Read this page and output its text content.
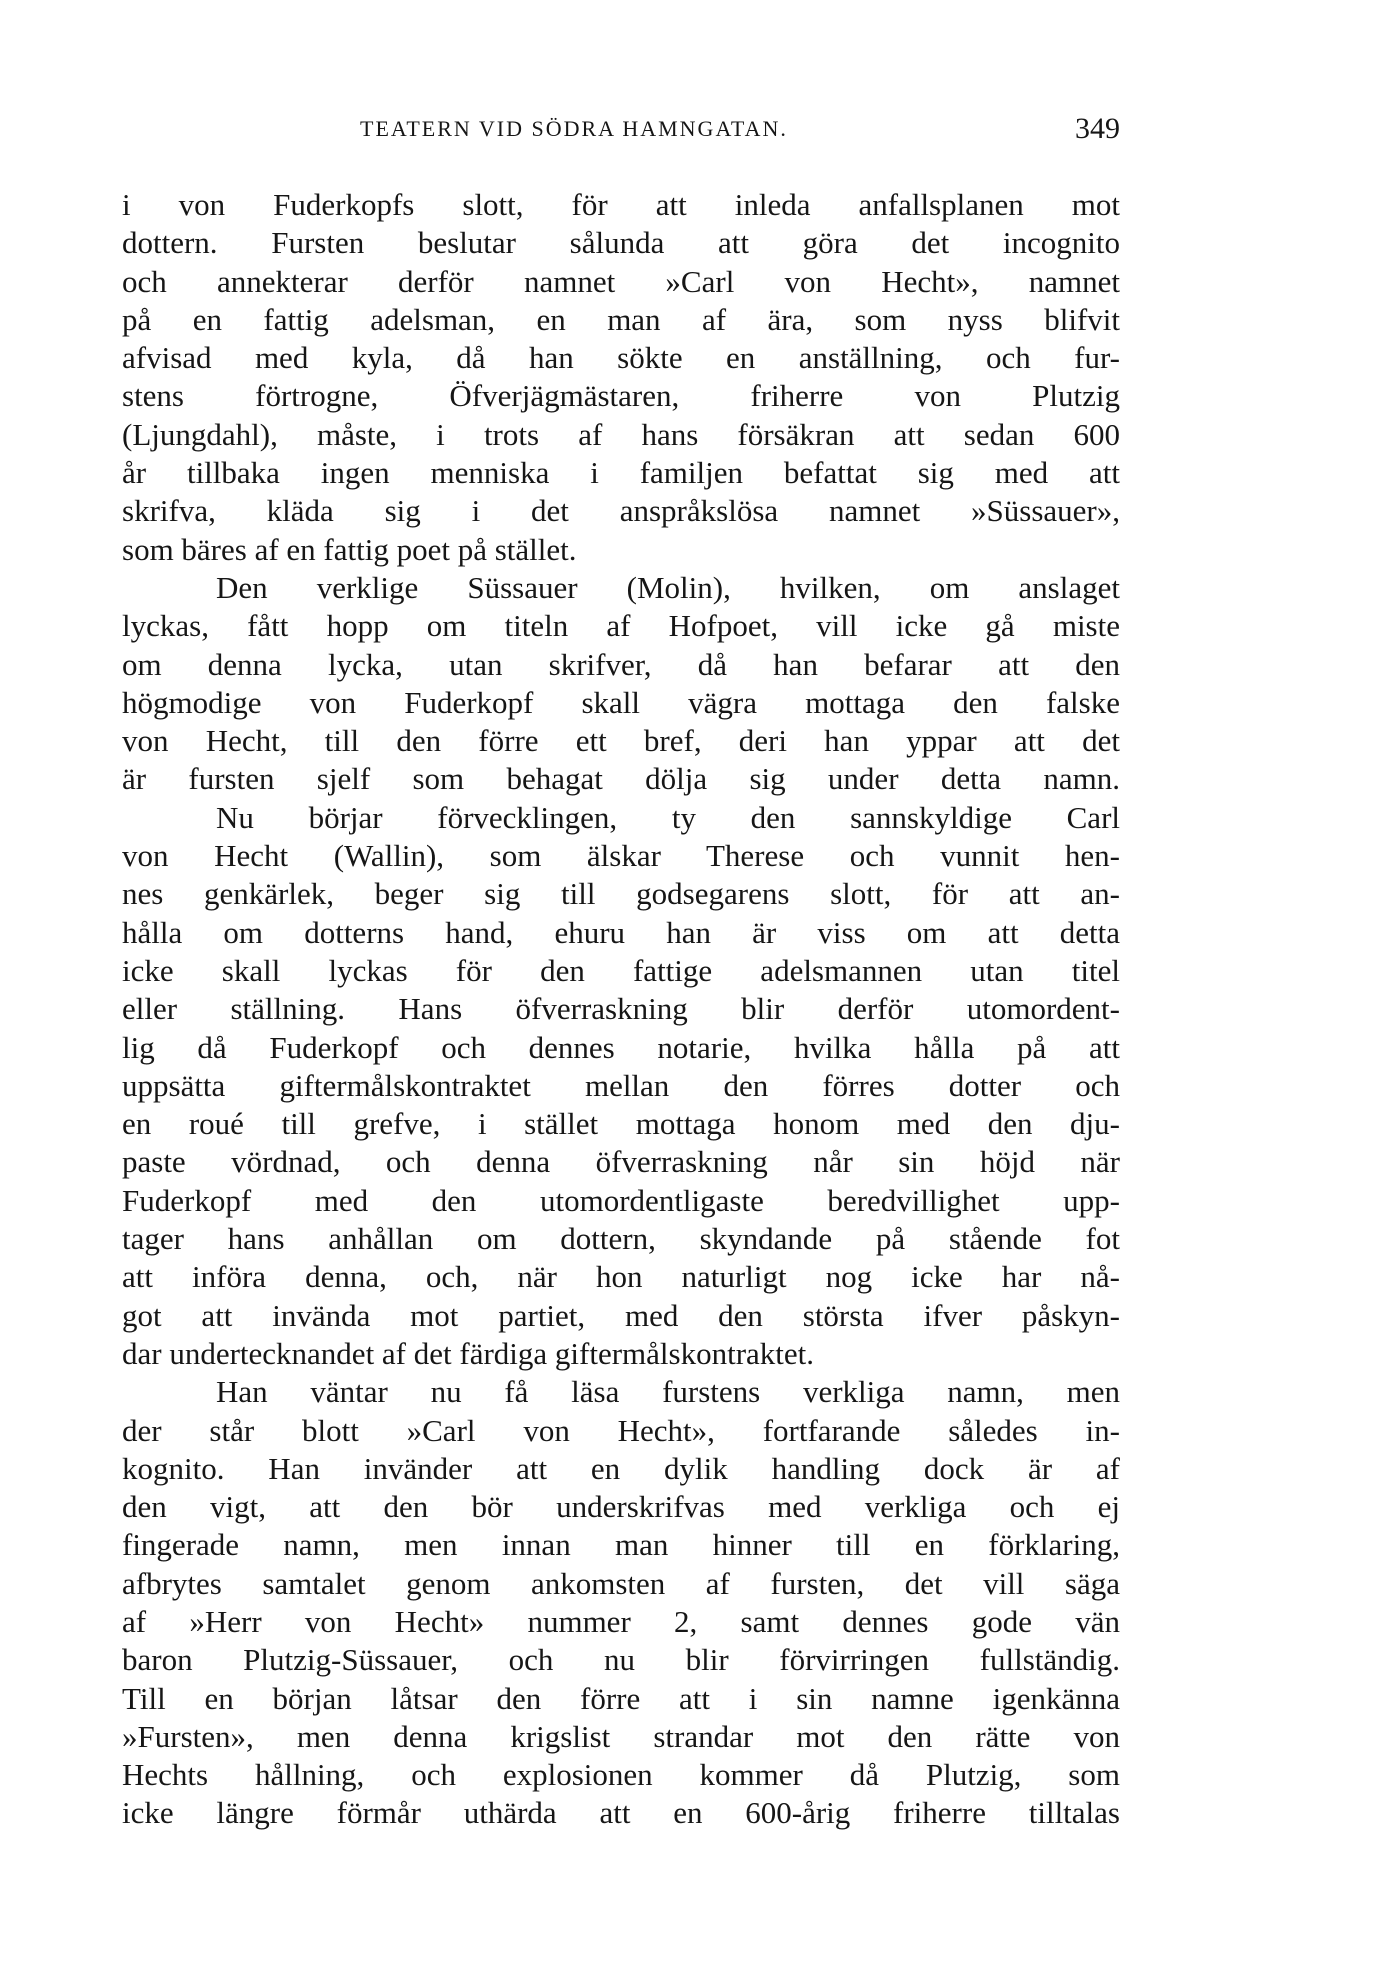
TEATERN VID SÖDRA HAMNGATAN.	349
i von Fuderkopfs slott, för att inleda anfallsplanen mot
dottern. Fursten beslutar sålunda att göra det incognito
och annekterar derför namnet »Carl von Hecht», namnet
på en fattig adelsman, en man af ära, som nyss blifvit
afvisad med kyla, då han sökte en anställning, och fur-
stens förtrogne, Öfverjägmästaren, friherre von Plutzig
(Ljungdahl), måste, i trots af hans försäkran att sedan 600
år tillbaka ingen menniska i familjen befattat sig med att
skrifva, kläda sig i det anspråkslösa namnet »Süssauer»,
som bäres af en fattig poet på stället.
Den verklige Süssauer (Molin), hvilken, om anslaget
lyckas, fått hopp om titeln af Hofpoet, vill icke gå miste
om denna lycka, utan skrifver, då han befarar att den
högmodige von Fuderkopf skall vägra mottaga den falske
von Hecht, till den förre ett bref, deri han yppar att det
är fursten sjelf som behagat dölja sig under detta namn.
Nu börjar förvecklingen, ty den sannskyldige Carl
von Hecht (Wallin), som älskar Therese och vunnit hen-
nes genkärlek, beger sig till godsegarens slott, för att an-
hålla om dotterns hand, ehuru han är viss om att detta
icke skall lyckas för den fattige adelsmannen utan titel
eller ställning. Hans öfverraskning blir derför utomordent-
lig då Fuderkopf och dennes notarie, hvilka hålla på att
uppsätta giftermålskontraktet mellan den förres dotter och
en roué till grefve, i stället mottaga honom med den dju-
paste vördnad, och denna öfverraskning når sin höjd när
Fuderkopf med den utomordentligaste beredvillighet upp-
tager hans anhållan om dottern, skyndande på stående fot
att införa denna, och, när hon naturligt nog icke har nå-
got att invända mot partiet, med den största ifver påskyn-
dar undertecknandet af det färdiga giftermålskontraktet.
Han väntar nu få läsa furstens verkliga namn, men
der står blott »Carl von Hecht», fortfarande således in-
kognito. Han invänder att en dylik handling dock är af
den vigt, att den bör underskrifvas med verkliga och ej
fingerade namn, men innan man hinner till en förklaring,
afbrytes samtalet genom ankomsten af fursten, det vill säga
af »Herr von Hecht» nummer 2, samt dennes gode vän
baron Plutzig-Süssauer, och nu blir förvirringen fullständig.
Till en början låtsar den förre att i sin namne igenkänna
»Fursten», men denna krigslist strandar mot den rätte von
Hechts hållning, och explosionen kommer då Plutzig, som
icke längre förmår uthärda att en 600-årig friherre tilltalas
